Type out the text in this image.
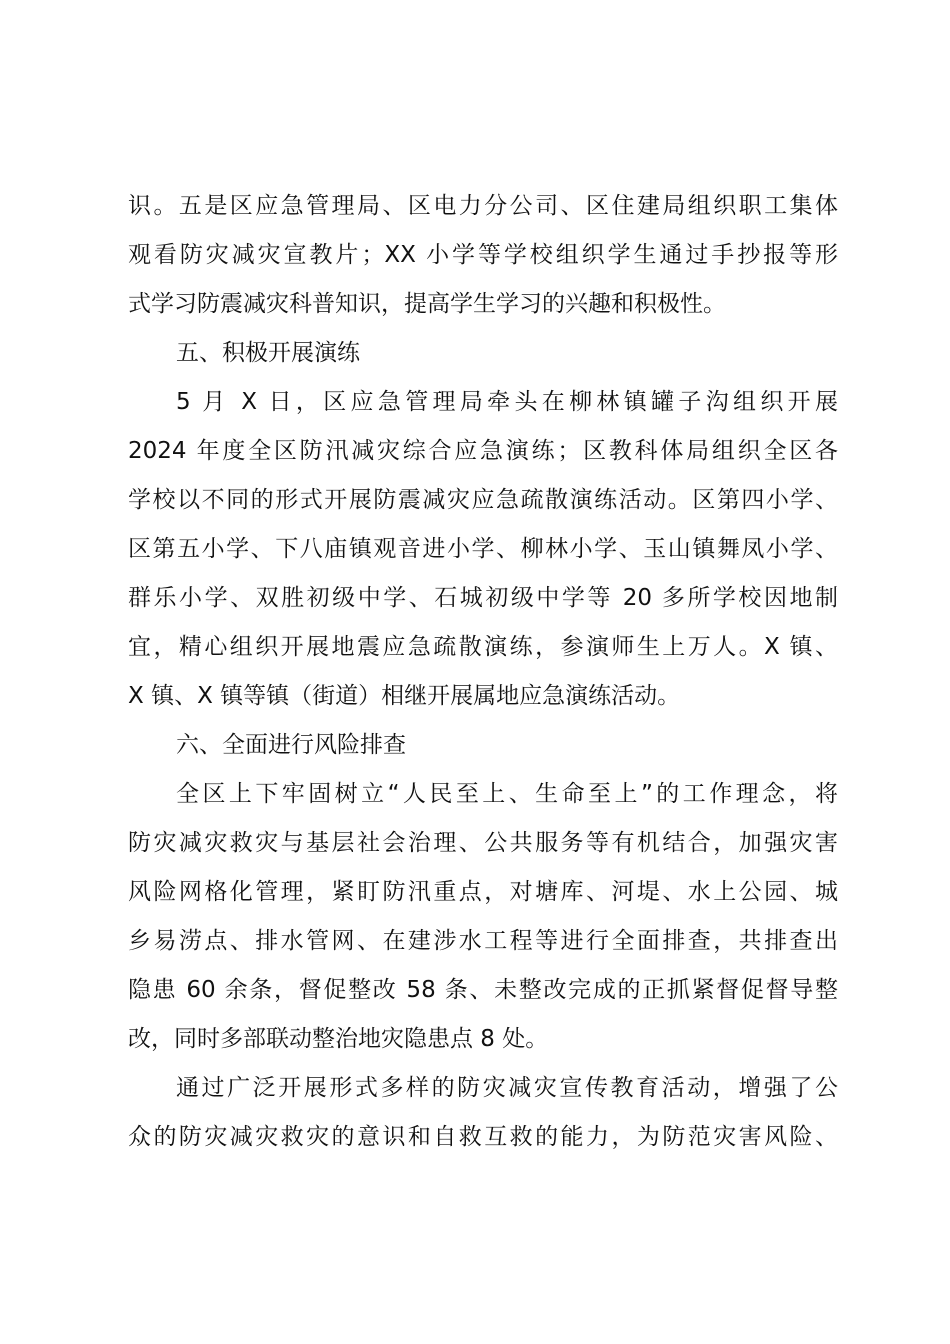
识。五是区应急管理局、区电力分公司、区住建局组织职工集体
观看防灾减灾宣教片；XX 小学等学校组织学生通过手抄报等形
式学习防震减灾科普知识，提高学生学习的兴趣和积极性。
五、积极开展演练
5 月 X 日，区应急管理局牵头在柳林镇罐子沟组织开展
2024 年度全区防汛减灾综合应急演练；区教科体局组织全区各
学校以不同的形式开展防震减灾应急疏散演练活动。区第四小学、
区第五小学、下八庙镇观音进小学、柳林小学、玉山镇舞凤小学、
群乐小学、双胜初级中学、石城初级中学等 20 多所学校因地制
宜，精心组织开展地震应急疏散演练，参演师生上万人。X 镇、
X 镇、X 镇等镇（街道）相继开展属地应急演练活动。
六、全面进行风险排查
全区上下牢固树立“人民至上、生命至上”的工作理念，将
防灾减灾救灾与基层社会治理、公共服务等有机结合，加强灾害
风险网格化管理，紧盯防汛重点，对塘库、河堤、水上公园、城
乡易涝点、排水管网、在建涉水工程等进行全面排查，共排查出
隐患 60 余条，督促整改 58 条、未整改完成的正抓紧督促督导整
改，同时多部联动整治地灾隐患点 8 处。
通过广泛开展形式多样的防灾减灾宣传教育活动，增强了公
众的防灾减灾救灾的意识和自救互救的能力，为防范灾害风险、
